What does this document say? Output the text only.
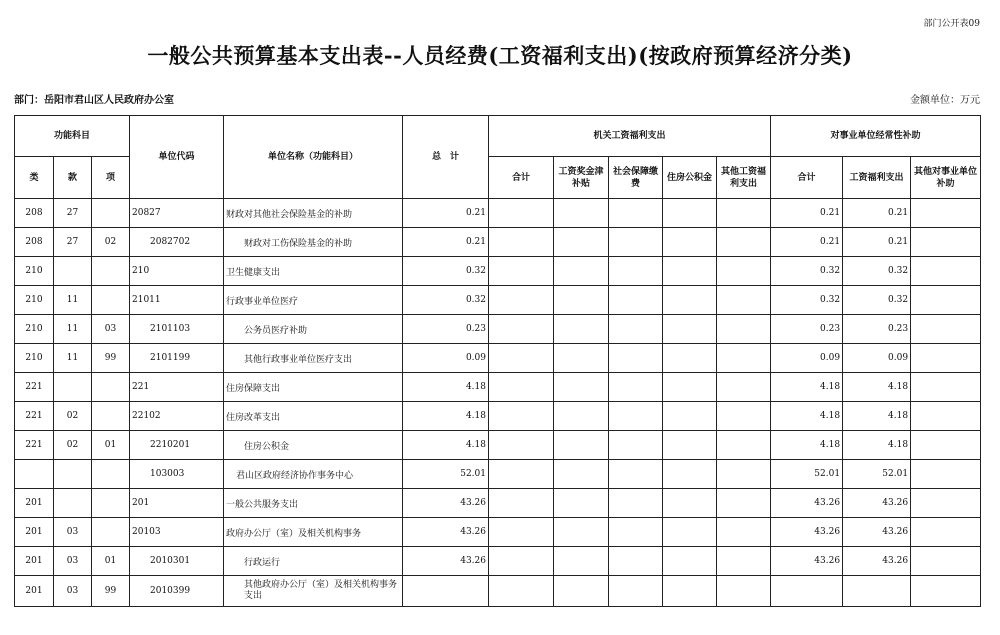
部门公开表09
一般公共预算基本支出表--人员经费(工资福利支出)(按政府预算经济分类)
部门：岳阳市君山区人民政府办公室	金额单位：万元
功能科目			单位代码	单位名称（功能科目）	总　计	机关工资福利支出					对事业单位经常性补助		
类	款	项				合计	工资奖金津补贴	社会保障缴费	住房公积金	其他工资福利支出	合计	工资福利支出	其他对事业单位补助
208	27		20827	财政对其他社会保险基金的补助	0.21						0.21	0.21	
208	27	02	2082702	财政对工伤保险基金的补助	0.21						0.21	0.21	
210			210	卫生健康支出	0.32						0.32	0.32	
210	11		21011	行政事业单位医疗	0.32						0.32	0.32	
210	11	03	2101103	公务员医疗补助	0.23						0.23	0.23	
210	11	99	2101199	其他行政事业单位医疗支出	0.09						0.09	0.09	
221			221	住房保障支出	4.18						4.18	4.18	
221	02		22102	住房改革支出	4.18						4.18	4.18	
221	02	01	2210201	住房公积金	4.18						4.18	4.18	
			103003	君山区政府经济协作事务中心	52.01						52.01	52.01	
201			201	一般公共服务支出	43.26						43.26	43.26	
201	03		20103	政府办公厅（室）及相关机构事务	43.26						43.26	43.26	
201	03	01	2010301	行政运行	43.26						43.26	43.26	
201	03	99	2010399	其他政府办公厅（室）及相关机构事务支出									
